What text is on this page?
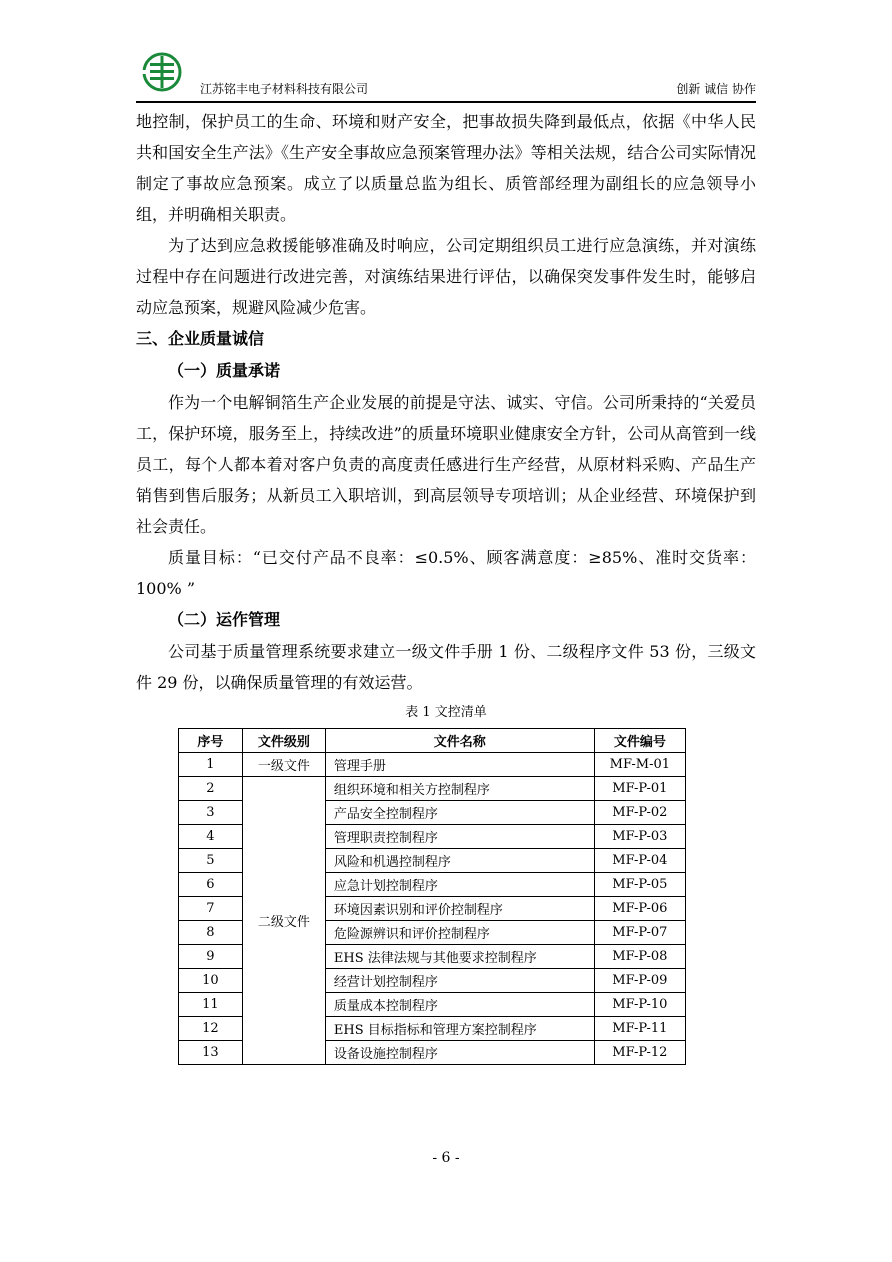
江苏铭丰电子材料科技有限公司	创新 诚信 协作

地控制，保护员工的生命、环境和财产安全，把事故损失降到最低点，依据《中华人民共和国安全生产法》《生产安全事故应急预案管理办法》等相关法规，结合公司实际情况制定了事故应急预案。成立了以质量总监为组长、质管部经理为副组长的应急领导小组，并明确相关职责。

为了达到应急救援能够准确及时响应，公司定期组织员工进行应急演练，并对演练过程中存在问题进行改进完善，对演练结果进行评估，以确保突发事件发生时，能够启动应急预案，规避风险减少危害。

三、企业质量诚信
（一）质量承诺

作为一个电解铜箔生产企业发展的前提是守法、诚实、守信。公司所秉持的“关爱员工，保护环境，服务至上，持续改进”的质量环境职业健康安全方针，公司从高管到一线员工，每个人都本着对客户负责的高度责任感进行生产经营，从原材料采购、产品生产销售到售后服务；从新员工入职培训，到高层领导专项培训；从企业经营、环境保护到社会责任。

质量目标：“已交付产品不良率：≤0.5%、顾客满意度：≥85%、准时交货率：100% ”

（二）运作管理

公司基于质量管理系统要求建立一级文件手册 1 份、二级程序文件 53 份，三级文件 29 份，以确保质量管理的有效运营。

表 1 文控清单
序号	文件级别	文件名称	文件编号
1	一级文件	管理手册	MF-M-01
2	二级文件	组织环境和相关方控制程序	MF-P-01
3		产品安全控制程序	MF-P-02
4		管理职责控制程序	MF-P-03
5		风险和机遇控制程序	MF-P-04
6		应急计划控制程序	MF-P-05
7		环境因素识别和评价控制程序	MF-P-06
8		危险源辨识和评价控制程序	MF-P-07
9		EHS 法律法规与其他要求控制程序	MF-P-08
10		经营计划控制程序	MF-P-09
11		质量成本控制程序	MF-P-10
12		EHS 目标指标和管理方案控制程序	MF-P-11
13		设备设施控制程序	MF-P-12
- 6 -
